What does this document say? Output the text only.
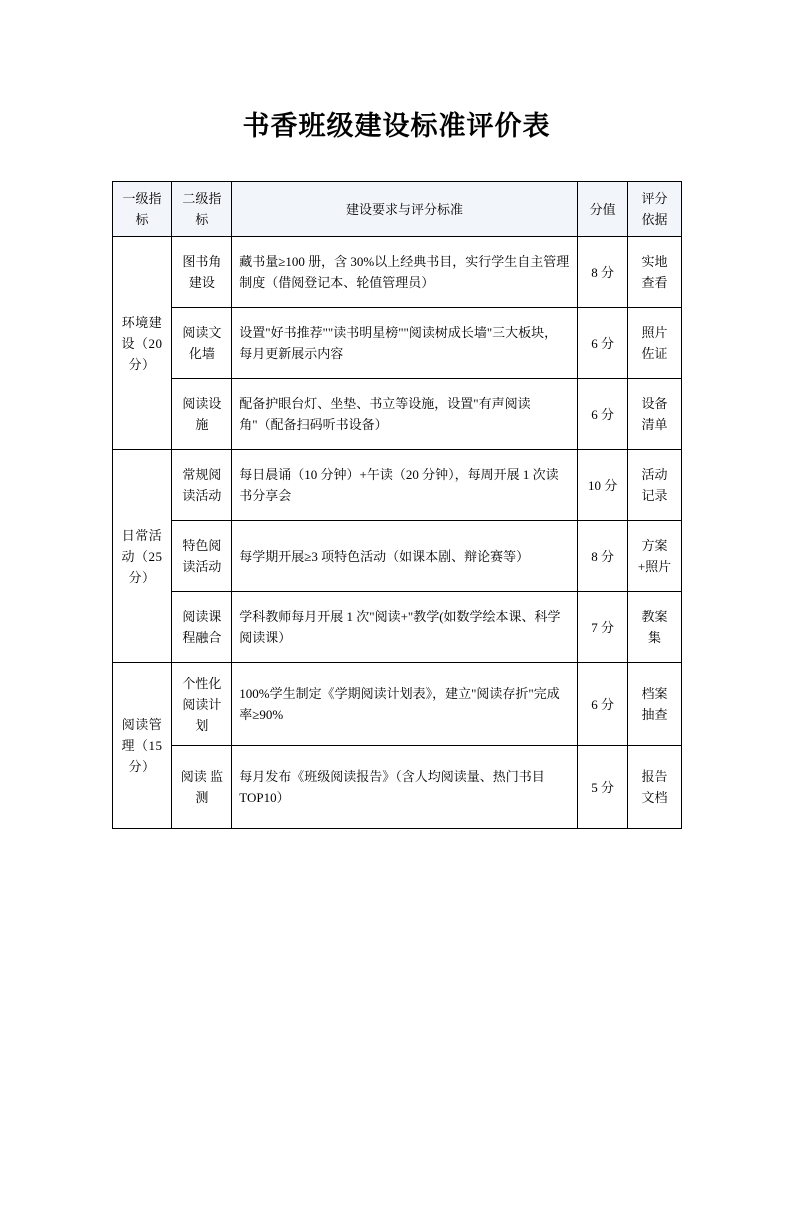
书香班级建设标准评价表
一级指标	二级指标	建设要求与评分标准	分值	评分依据
环境建设（20分）	图书角建设	藏书量≥100 册，含 30%以上经典书目，实行学生自主管理制度（借阅登记本、轮值管理员）	8 分	实地查看
	阅读文化墙	设置"好书推荐""读书明星榜""阅读树成长墙"三大板块，每月更新展示内容	6 分	照片佐证
	阅读设施	配备护眼台灯、坐垫、书立等设施，设置"有声阅读角"（配备扫码听书设备）	6 分	设备清单
日常活动（25分）	常规阅读活动	每日晨诵（10 分钟）+午读（20 分钟），每周开展 1 次读书分享会	10 分	活动记录
	特色阅读活动	每学期开展≥3 项特色活动（如课本剧、辩论赛等）	8 分	方案+照片
	阅读课程融合	学科教师每月开展 1 次"阅读+"教学(如数学绘本课、科学阅读课）	7 分	教案集
阅读管理（15分）	个性化阅读计划	100%学生制定《学期阅读计划表》，建立"阅读存折"完成率≥90%	6 分	档案抽查
	阅读 监测	每月发布《班级阅读报告》（含人均阅读量、热门书目 TOP10）	5 分	报告文档
